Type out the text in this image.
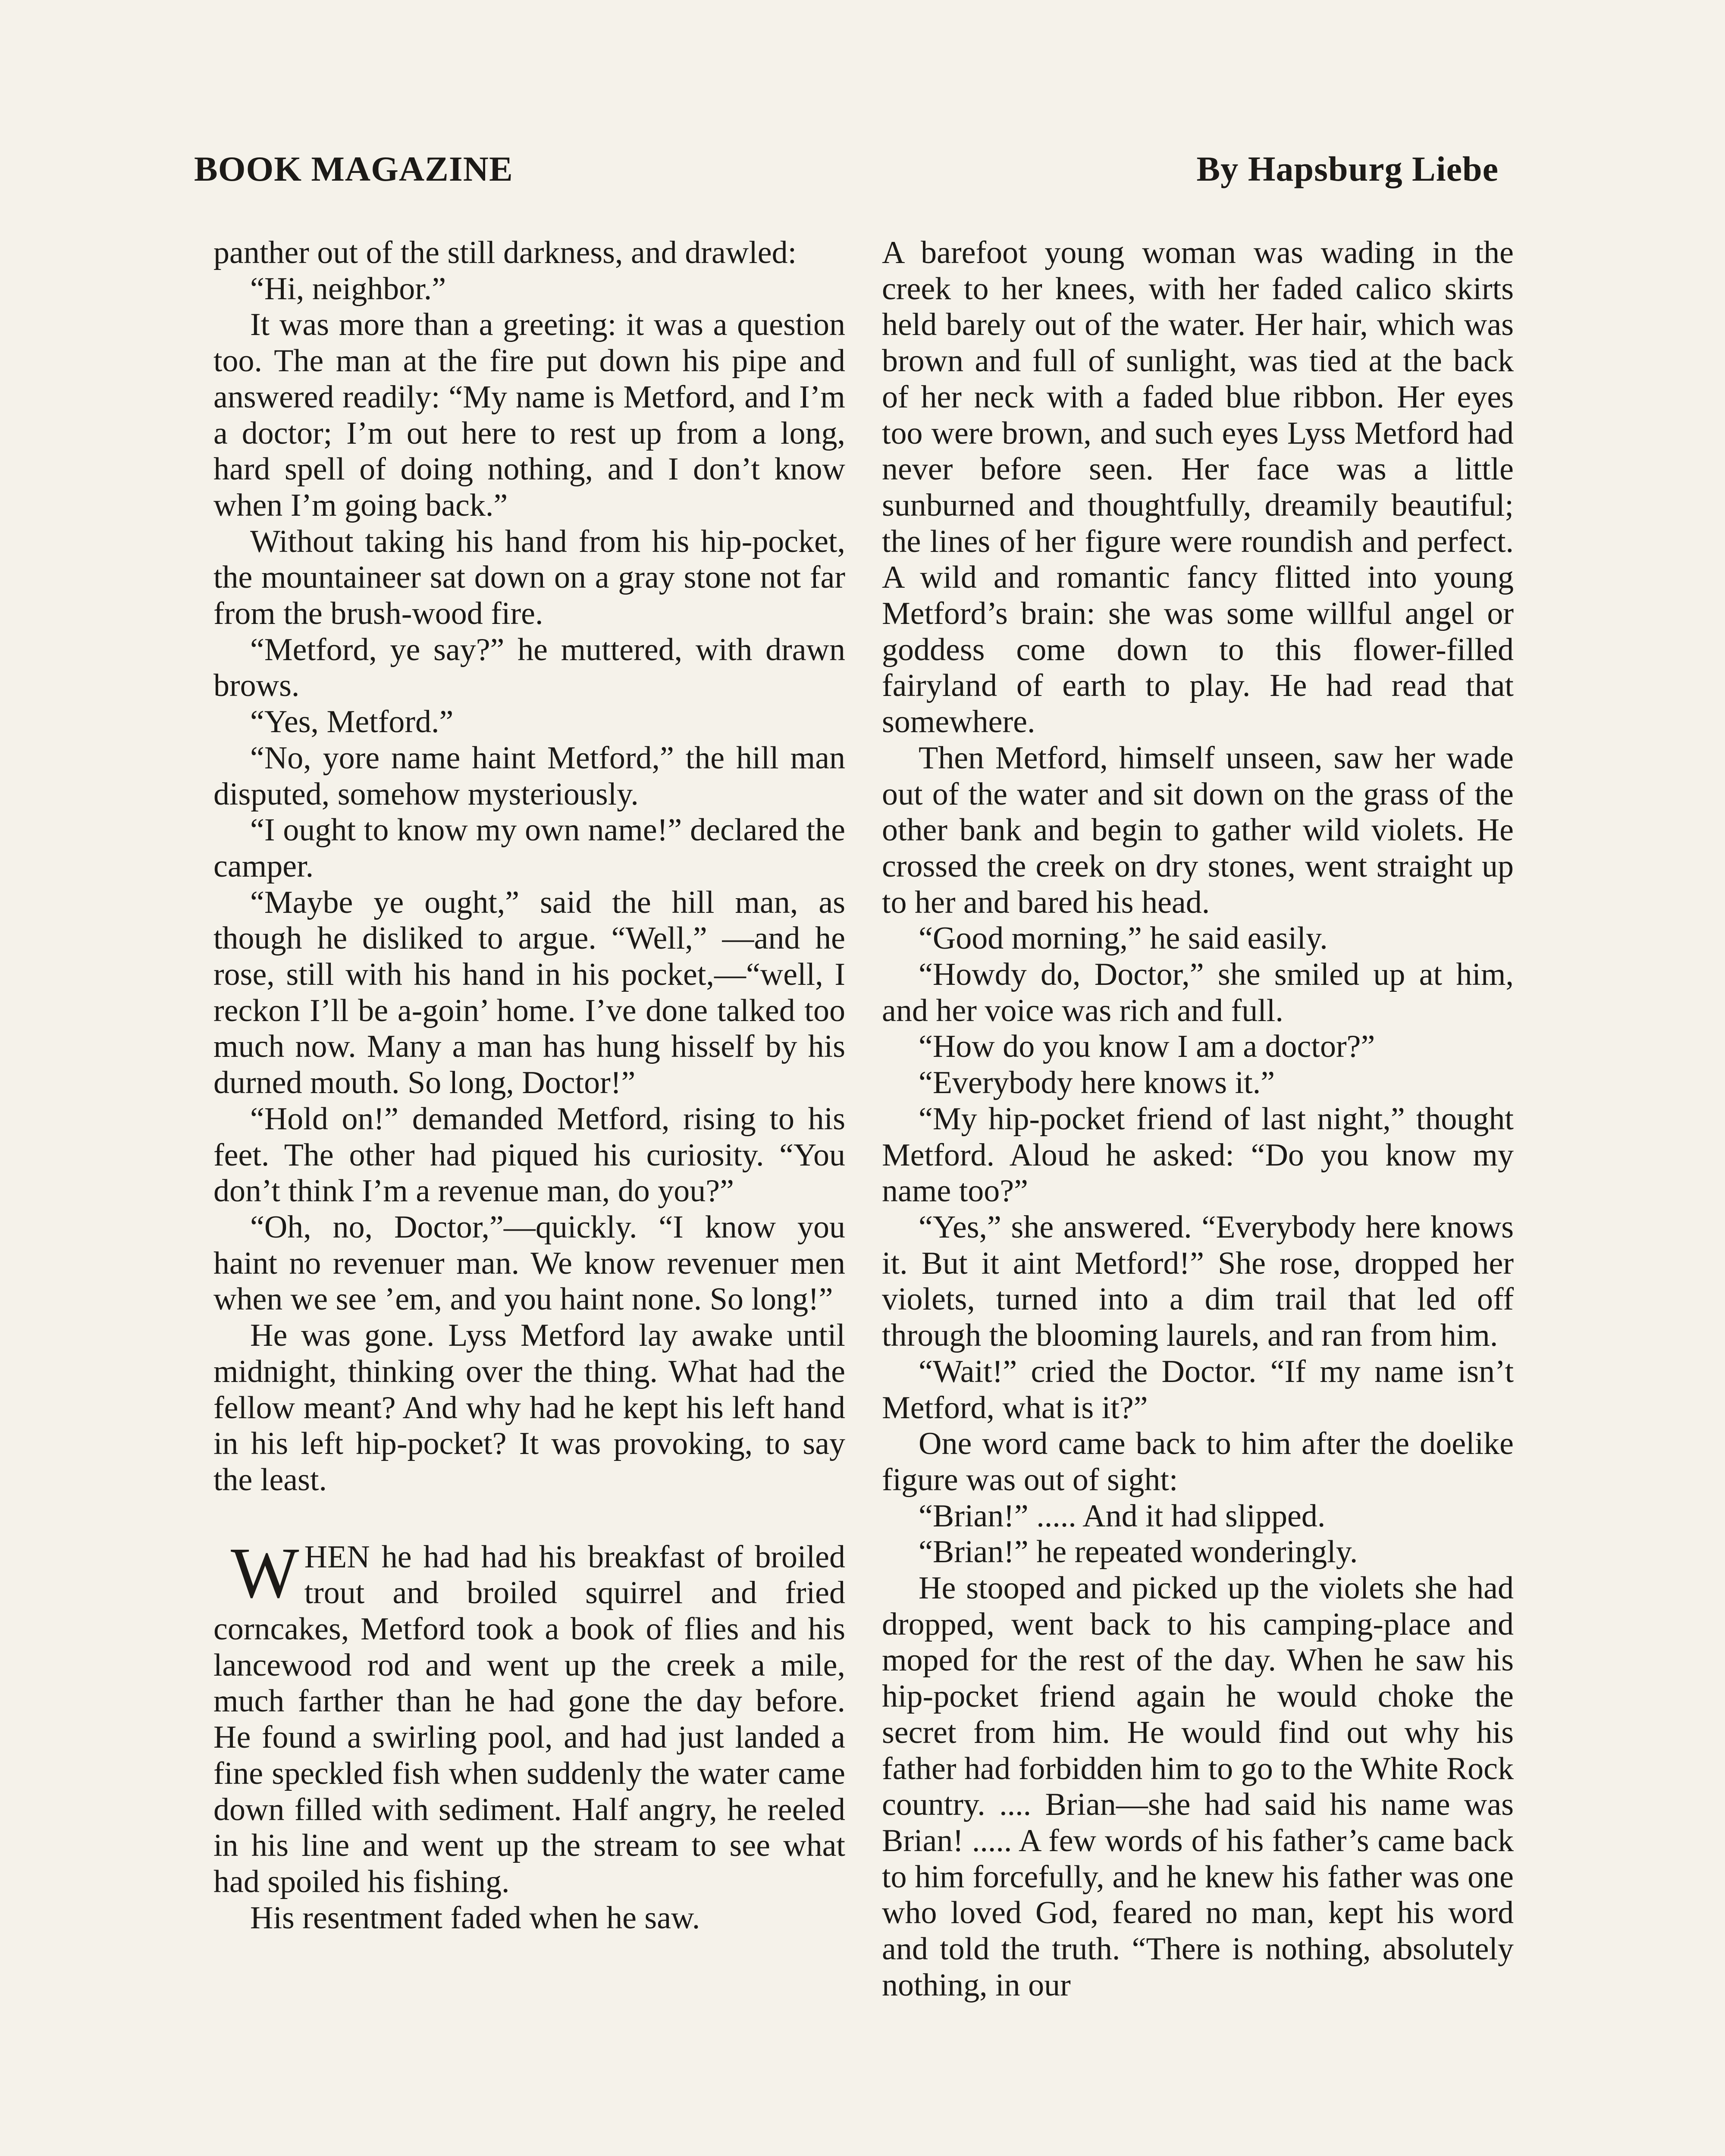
BOOK MAGAZINE	By Hapsburg Liebe

panther out of the still darkness, and drawled:

“Hi, neighbor.”

It was more than a greeting: it was a question too. The man at the fire put down his pipe and answered readily: “My name is Metford, and I’m a doctor; I’m out here to rest up from a long, hard spell of doing nothing, and I don’t know when I’m going back.”

Without taking his hand from his hip-pocket, the mountaineer sat down on a gray stone not far from the brush-wood fire.

“Metford, ye say?” he muttered, with drawn brows.

“Yes, Metford.”

“No, yore name haint Metford,” the hill man disputed, somehow mysteriously.

“I ought to know my own name!” declared the camper.

“Maybe ye ought,” said the hill man, as though he disliked to argue. “Well,” —and he rose, still with his hand in his pocket,—“well, I reckon I’ll be a-goin’ home. I’ve done talked too much now. Many a man has hung hisself by his durned mouth. So long, Doctor!”

“Hold on!” demanded Metford, rising to his feet. The other had piqued his curiosity. “You don’t think I’m a revenue man, do you?”

“Oh, no, Doctor,”—quickly. “I know you haint no revenuer man. We know revenuer men when we see ’em, and you haint none. So long!”

He was gone. Lyss Metford lay awake until midnight, thinking over the thing. What had the fellow meant? And why had he kept his left hand in his left hip-pocket? It was provoking, to say the least.

WHEN he had had his breakfast of broiled trout and broiled squirrel and fried corncakes, Metford took a book of flies and his lancewood rod and went up the creek a mile, much farther than he had gone the day before. He found a swirling pool, and had just landed a fine speckled fish when suddenly the water came down filled with sediment. Half angry, he reeled in his line and went up the stream to see what had spoiled his fishing.

His resentment faded when he saw.

A barefoot young woman was wading in the creek to her knees, with her faded calico skirts held barely out of the water. Her hair, which was brown and full of sunlight, was tied at the back of her neck with a faded blue ribbon. Her eyes too were brown, and such eyes Lyss Metford had never before seen. Her face was a little sunburned and thoughtfully, dreamily beautiful; the lines of her figure were roundish and perfect. A wild and romantic fancy flitted into young Metford’s brain: she was some willful angel or goddess come down to this flower-filled fairyland of earth to play. He had read that somewhere.

Then Metford, himself unseen, saw her wade out of the water and sit down on the grass of the other bank and begin to gather wild violets. He crossed the creek on dry stones, went straight up to her and bared his head.

“Good morning,” he said easily.

“Howdy do, Doctor,” she smiled up at him, and her voice was rich and full.

“How do you know I am a doctor?”

“Everybody here knows it.”

“My hip-pocket friend of last night,” thought Metford. Aloud he asked: “Do you know my name too?”

“Yes,” she answered. “Everybody here knows it. But it aint Metford!” She rose, dropped her violets, turned into a dim trail that led off through the blooming laurels, and ran from him.

“Wait!” cried the Doctor. “If my name isn’t Metford, what is it?”

One word came back to him after the doelike figure was out of sight:

“Brian!” ..... And it had slipped.

“Brian!” he repeated wonderingly.

He stooped and picked up the violets she had dropped, went back to his camping-place and moped for the rest of the day. When he saw his hip-pocket friend again he would choke the secret from him. He would find out why his father had forbidden him to go to the White Rock country. .... Brian—she had said his name was Brian! ..... A few words of his father’s came back to him forcefully, and he knew his father was one who loved God, feared no man, kept his word and told the truth. “There is nothing, absolutely nothing, in our
